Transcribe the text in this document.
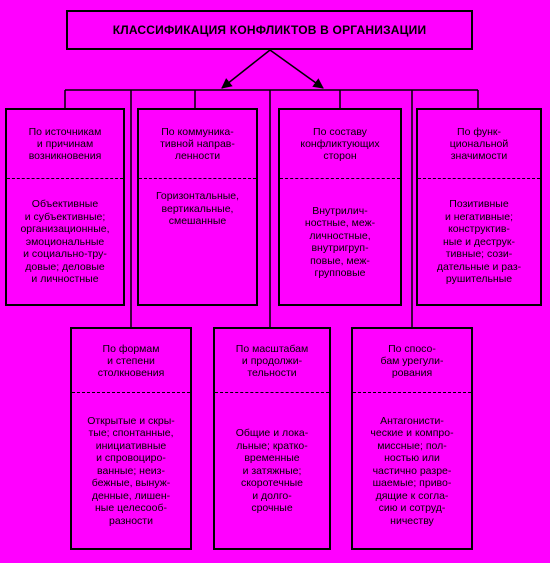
КЛАССИФИКАЦИЯ КОНФЛИКТОВ В ОРГАНИЗАЦИИ
По источникам
и причинам
возникновения
Объективные
и субъективные;
организационные,
эмоциональные
и социально-тру-
довые; деловые
и личностные
По коммуника-
тивной направ-
ленности
Горизонтальные,
вертикальные,
смешанные
По составу
конфликтующих
сторон
Внутрилич-
ностные, меж-
личностные,
внутригруп-
повые, меж-
групповые
По функ-
циональной
значимости
Позитивные
и негативные;
конструктив-
ные и деструк-
тивные; сози-
дательные и раз-
рушительные
По формам
и степени
столкновения
Открытые и скры-
тые; спонтанные,
инициативные
и спровоциро-
ванные; неиз-
бежные, вынуж-
денные, лишен-
ные целесооб-
разности
По масштабам
и продолжи-
тельности
Общие и лока-
льные; кратко-
временные
и затяжные;
скоротечные
и долго-
срочные
По спосо-
бам урегули-
рования
Антагонисти-
ческие и компро-
миссные; пол-
ностью или
частично разре-
шаемые; приво-
дящие к согла-
сию и сотруд-
ничеству
